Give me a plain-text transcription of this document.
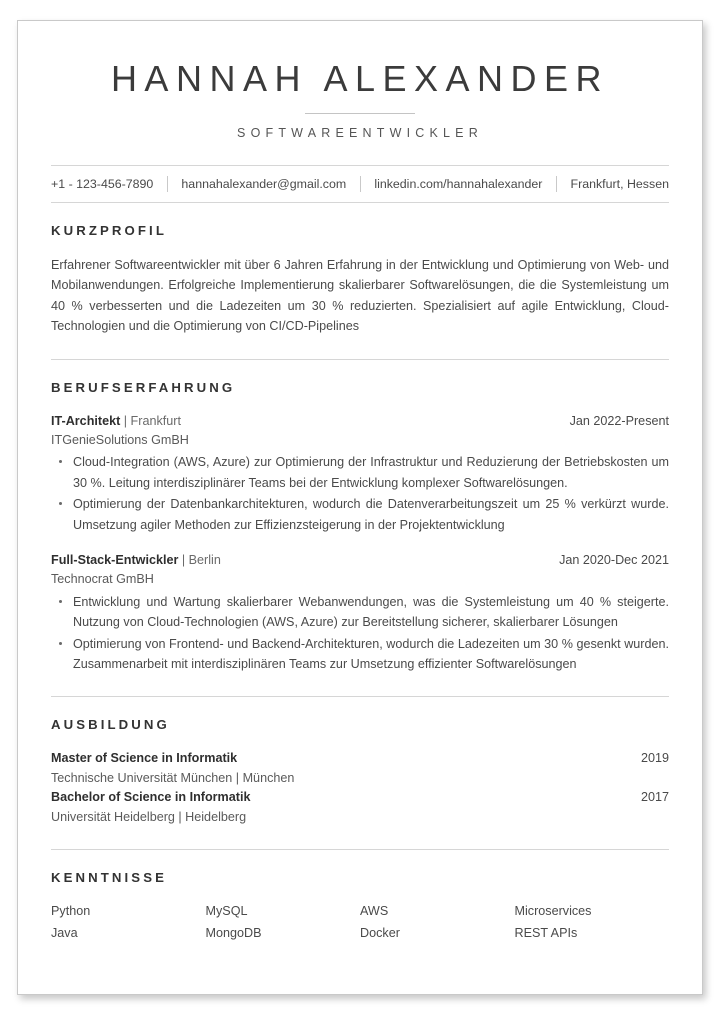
HANNAH ALEXANDER
SOFTWAREENTWICKLER
+1 - 123-456-7890 hannahalexander@gmail.com linkedin.com/hannahalexander Frankfurt, Hessen
KURZPROFIL
Erfahrener Softwareentwickler mit über 6 Jahren Erfahrung in der Entwicklung und Optimierung von Web- und Mobilanwendungen. Erfolgreiche Implementierung skalierbarer Softwarelösungen, die die Systemleistung um 40 % verbesserten und die Ladezeiten um 30 % reduzierten. Spezialisiert auf agile Entwicklung, Cloud-Technologien und die Optimierung von CI/CD-Pipelines
BERUFSERFAHRUNG
IT-Architekt | Frankfurt	Jan 2022-Present
ITGenieSolutions GmBH
Cloud-Integration (AWS, Azure) zur Optimierung der Infrastruktur und Reduzierung der Betriebskosten um 30 %. Leitung interdisziplinärer Teams bei der Entwicklung komplexer Softwarelösungen.
Optimierung der Datenbankarchitekturen, wodurch die Datenverarbeitungszeit um 25 % verkürzt wurde. Umsetzung agiler Methoden zur Effizienzsteigerung in der Projektentwicklung
Full-Stack-Entwickler | Berlin	Jan 2020-Dec 2021
Technocrat GmBH
Entwicklung und Wartung skalierbarer Webanwendungen, was die Systemleistung um 40 % steigerte. Nutzung von Cloud-Technologien (AWS, Azure) zur Bereitstellung sicherer, skalierbarer Lösungen
Optimierung von Frontend- und Backend-Architekturen, wodurch die Ladezeiten um 30 % gesenkt wurden. Zusammenarbeit mit interdisziplinären Teams zur Umsetzung effizienter Softwarelösungen
AUSBILDUNG
Master of Science in Informatik	2019
Technische Universität München | München
Bachelor of Science in Informatik	2017
Universität Heidelberg | Heidelberg
KENNTNISSE
Python	MySQL	AWS	Microservices
Java	MongoDB	Docker	REST APIs
